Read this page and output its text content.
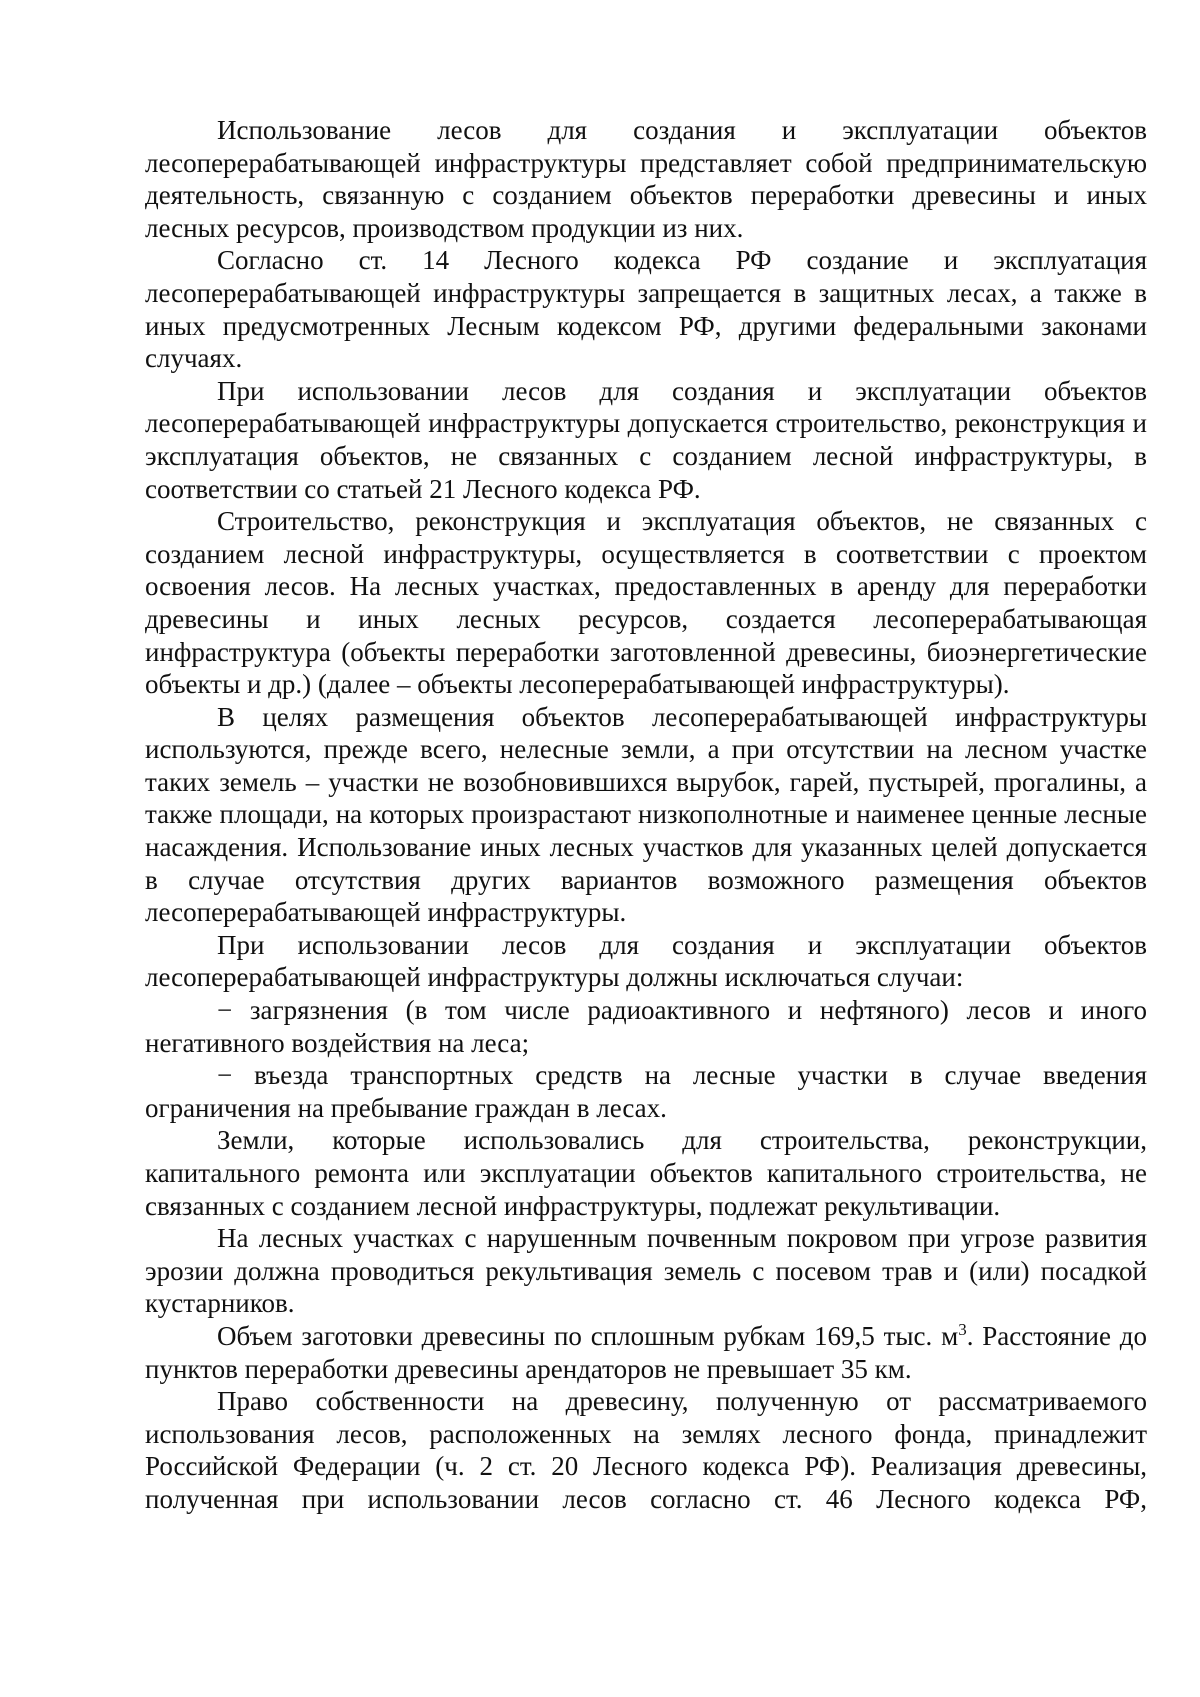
Использование лесов для создания и эксплуатации объектов лесоперерабатывающей инфраструктуры представляет собой предпринимательскую деятельность, связанную с созданием объектов переработки древесины и иных лесных ресурсов, производством продукции из них.

Согласно ст. 14 Лесного кодекса РФ создание и эксплуатация лесоперерабатывающей инфраструктуры запрещается в защитных лесах, а также в иных предусмотренных Лесным кодексом РФ, другими федеральными законами случаях.

При использовании лесов для создания и эксплуатации объектов лесоперерабатывающей инфраструктуры допускается строительство, реконструкция и эксплуатация объектов, не связанных с созданием лесной инфраструктуры, в соответствии со статьей 21 Лесного кодекса РФ.

Строительство, реконструкция и эксплуатация объектов, не связанных с созданием лесной инфраструктуры, осуществляется в соответствии с проектом освоения лесов. На лесных участках, предоставленных в аренду для переработки древесины и иных лесных ресурсов, создается лесоперерабатывающая инфраструктура (объекты переработки заготовленной древесины, биоэнергетические объекты и др.) (далее – объекты лесоперерабатывающей инфраструктуры).

В целях размещения объектов лесоперерабатывающей инфраструктуры используются, прежде всего, нелесные земли, а при отсутствии на лесном участке таких земель – участки не возобновившихся вырубок, гарей, пустырей, прогалины, а также площади, на которых произрастают низкополнотные и наименее ценные лесные насаждения. Использование иных лесных участков для указанных целей допускается в случае отсутствия других вариантов возможного размещения объектов лесоперерабатывающей инфраструктуры.

При использовании лесов для создания и эксплуатации объектов лесоперерабатывающей инфраструктуры должны исключаться случаи:

− загрязнения (в том числе радиоактивного и нефтяного) лесов и иного негативного воздействия на леса;

− въезда транспортных средств на лесные участки в случае введения ограничения на пребывание граждан в лесах.

Земли, которые использовались для строительства, реконструкции, капитального ремонта или эксплуатации объектов капитального строительства, не связанных с созданием лесной инфраструктуры, подлежат рекультивации.

На лесных участках с нарушенным почвенным покровом при угрозе развития эрозии должна проводиться рекультивация земель с посевом трав и (или) посадкой кустарников.

Объем заготовки древесины по сплошным рубкам 169,5 тыс. $м^3$. Расстояние до пунктов переработки древесины арендаторов не превышает 35 км.

Право собственности на древесину, полученную от рассматриваемого использования лесов, расположенных на землях лесного фонда, принадлежит Российской Федерации (ч. 2 ст. 20 Лесного кодекса РФ). Реализация древесины, полученная при использовании лесов согласно ст. 46 Лесного кодекса РФ,
